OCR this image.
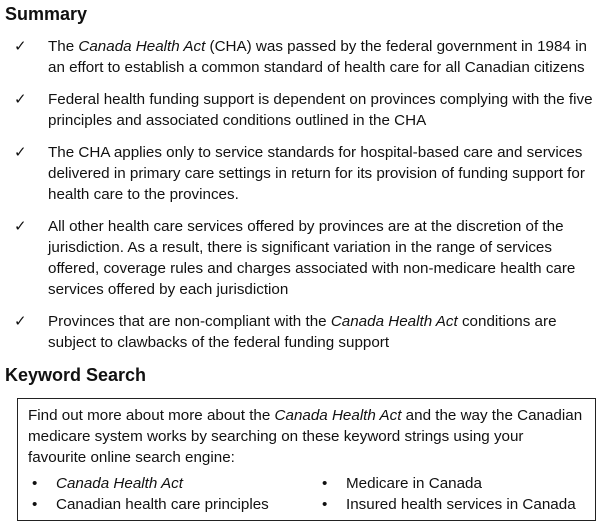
Summary
✓ The Canada Health Act (CHA) was passed by the federal government in 1984 in an effort to establish a common standard of health care for all Canadian citizens
✓ Federal health funding support is dependent on provinces complying with the five principles and associated conditions outlined in the CHA
✓ The CHA applies only to service standards for hospital-based care and services delivered in primary care settings in return for its provision of funding support for health care to the provinces.
✓ All other health care services offered by provinces are at the discretion of the jurisdiction. As a result, there is significant variation in the range of services offered, coverage rules and charges associated with non-medicare health care services offered by each jurisdiction
✓ Provinces that are non-compliant with the Canada Health Act conditions are subject to clawbacks of the federal funding support
Keyword Search

Find out more about more about the Canada Health Act and the way the Canadian medicare system works by searching on these keyword strings using your favourite online search engine:

• Canada Health Act	• Medicare in Canada
• Canadian health care principles	• Insured health services in Canada
